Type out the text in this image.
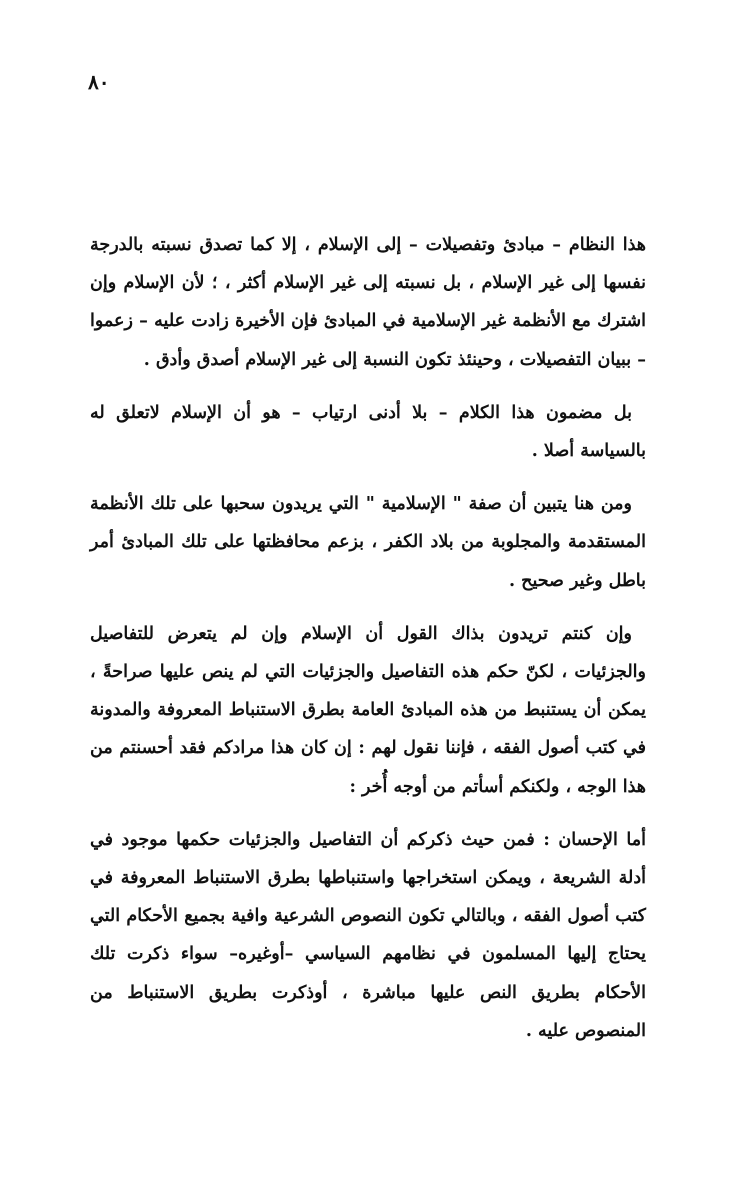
٨٠

هذا النظام – مبادئ وتفصيلات – إلى الإسلام ، إلا كما تصدق نسبته بالدرجة نفسها إلى غير الإسلام ، بل نسبته إلى غير الإسلام أكثر ، ؛ لأن الإسلام وإن اشترك مع الأنظمة غير الإسلامية في المبادئ فإن الأخيرة زادت عليه – زعموا – ببيان التفصيلات ، وحينئذ تكون النسبة إلى غير الإسلام أصدق وأدق .

بل مضمون هذا الكلام – بلا أدنى ارتياب – هو أن الإسلام لاتعلق له بالسياسة أصلا .

ومن هنا يتبين أن صفة " الإسلامية " التي يريدون سحبها على تلك الأنظمة المستقدمة والمجلوبة من بلاد الكفر ، بزعم محافظتها على تلك المبادئ أمر باطل وغير صحيح .

وإن كنتم تريدون بذاك القول أن الإسلام وإن لم يتعرض للتفاصيل والجزئيات ، لكنّ حكم هذه التفاصيل والجزئيات التي لم ينص عليها صراحةً ، يمكن أن يستنبط من هذه المبادئ العامة بطرق الاستنباط المعروفة والمدونة في كتب أصول الفقه ، فإننا نقول لهم : إن كان هذا مرادكم فقد أحسنتم من هذا الوجه ، ولكنكم أسأتم من أوجه أُخر :

أما الإحسان : فمن حيث ذكركم أن التفاصيل والجزئيات حكمها موجود في أدلة الشريعة ، ويمكن استخراجها واستنباطها بطرق الاستنباط المعروفة في كتب أصول الفقه ، وبالتالي تكون النصوص الشرعية وافية بجميع الأحكام التي يحتاج إليها المسلمون في نظامهم السياسي –أوغيره– سواء ذكرت تلك الأحكام بطريق النص عليها مباشرة ، أوذكرت بطريق الاستنباط من المنصوص عليه .
